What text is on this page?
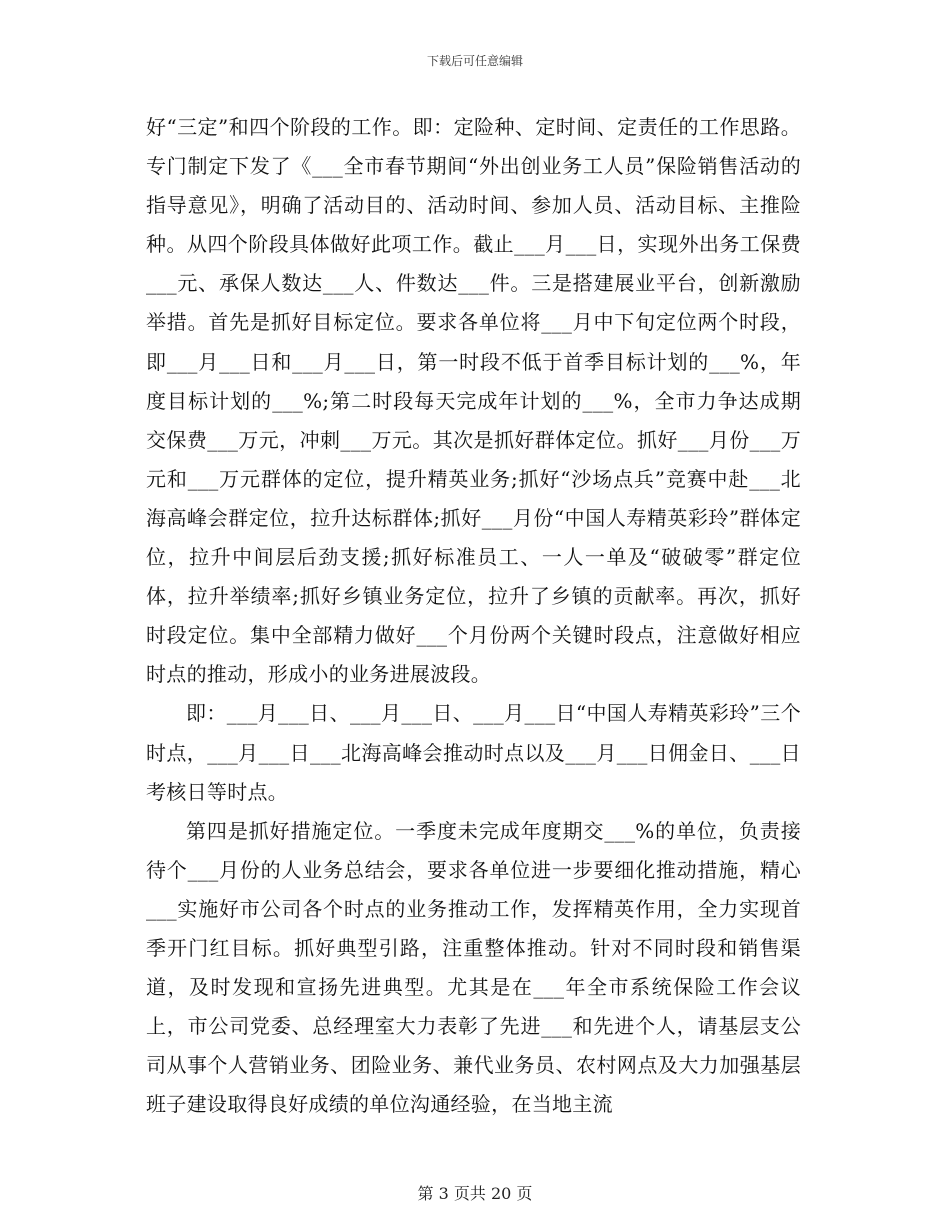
下载后可任意编辑

好“三定”和四个阶段的工作。即：定险种、定时间、定责任的工作思路。专门制定下发了《___全市春节期间“外出创业务工人员”保险销售活动的指导意见》，明确了活动目的、活动时间、参加人员、活动目标、主推险种。从四个阶段具体做好此项工作。截止___月___日，实现外出务工保费___元、承保人数达___人、件数达___件。三是搭建展业平台，创新激励举措。首先是抓好目标定位。要求各单位将___月中下旬定位两个时段，即___月___日和___月___日，第一时段不低于首季目标计划的___%，年度目标计划的___%;第二时段每天完成年计划的___%，全市力争达成期交保费___万元，冲刺___万元。其次是抓好群体定位。抓好___月份___万元和___万元群体的定位，提升精英业务;抓好“沙场点兵”竞赛中赴___北海高峰会群定位，拉升达标群体;抓好___月份“中国人寿精英彩玲”群体定位，拉升中间层后劲支援;抓好标准员工、一人一单及“破破零”群定位体，拉升举绩率;抓好乡镇业务定位，拉升了乡镇的贡献率。再次，抓好时段定位。集中全部精力做好___个月份两个关键时段点，注意做好相应时点的推动，形成小的业务进展波段。

即：___月___日、___月___日、___月___日“中国人寿精英彩玲”三个时点，___月___日___北海高峰会推动时点以及___月___日佣金日、___日考核日等时点。

第四是抓好措施定位。一季度未完成年度期交___%的单位，负责接待个___月份的人业务总结会，要求各单位进一步要细化推动措施，精心___实施好市公司各个时点的业务推动工作，发挥精英作用，全力实现首季开门红目标。抓好典型引路，注重整体推动。针对不同时段和销售渠道，及时发现和宣扬先进典型。尤其是在___年全市系统保险工作会议上，市公司党委、总经理室大力表彰了先进___和先进个人，请基层支公司从事个人营销业务、团险业务、兼代业务员、农村网点及大力加强基层班子建设取得良好成绩的单位沟通经验，在当地主流

第 3 页共 20 页
